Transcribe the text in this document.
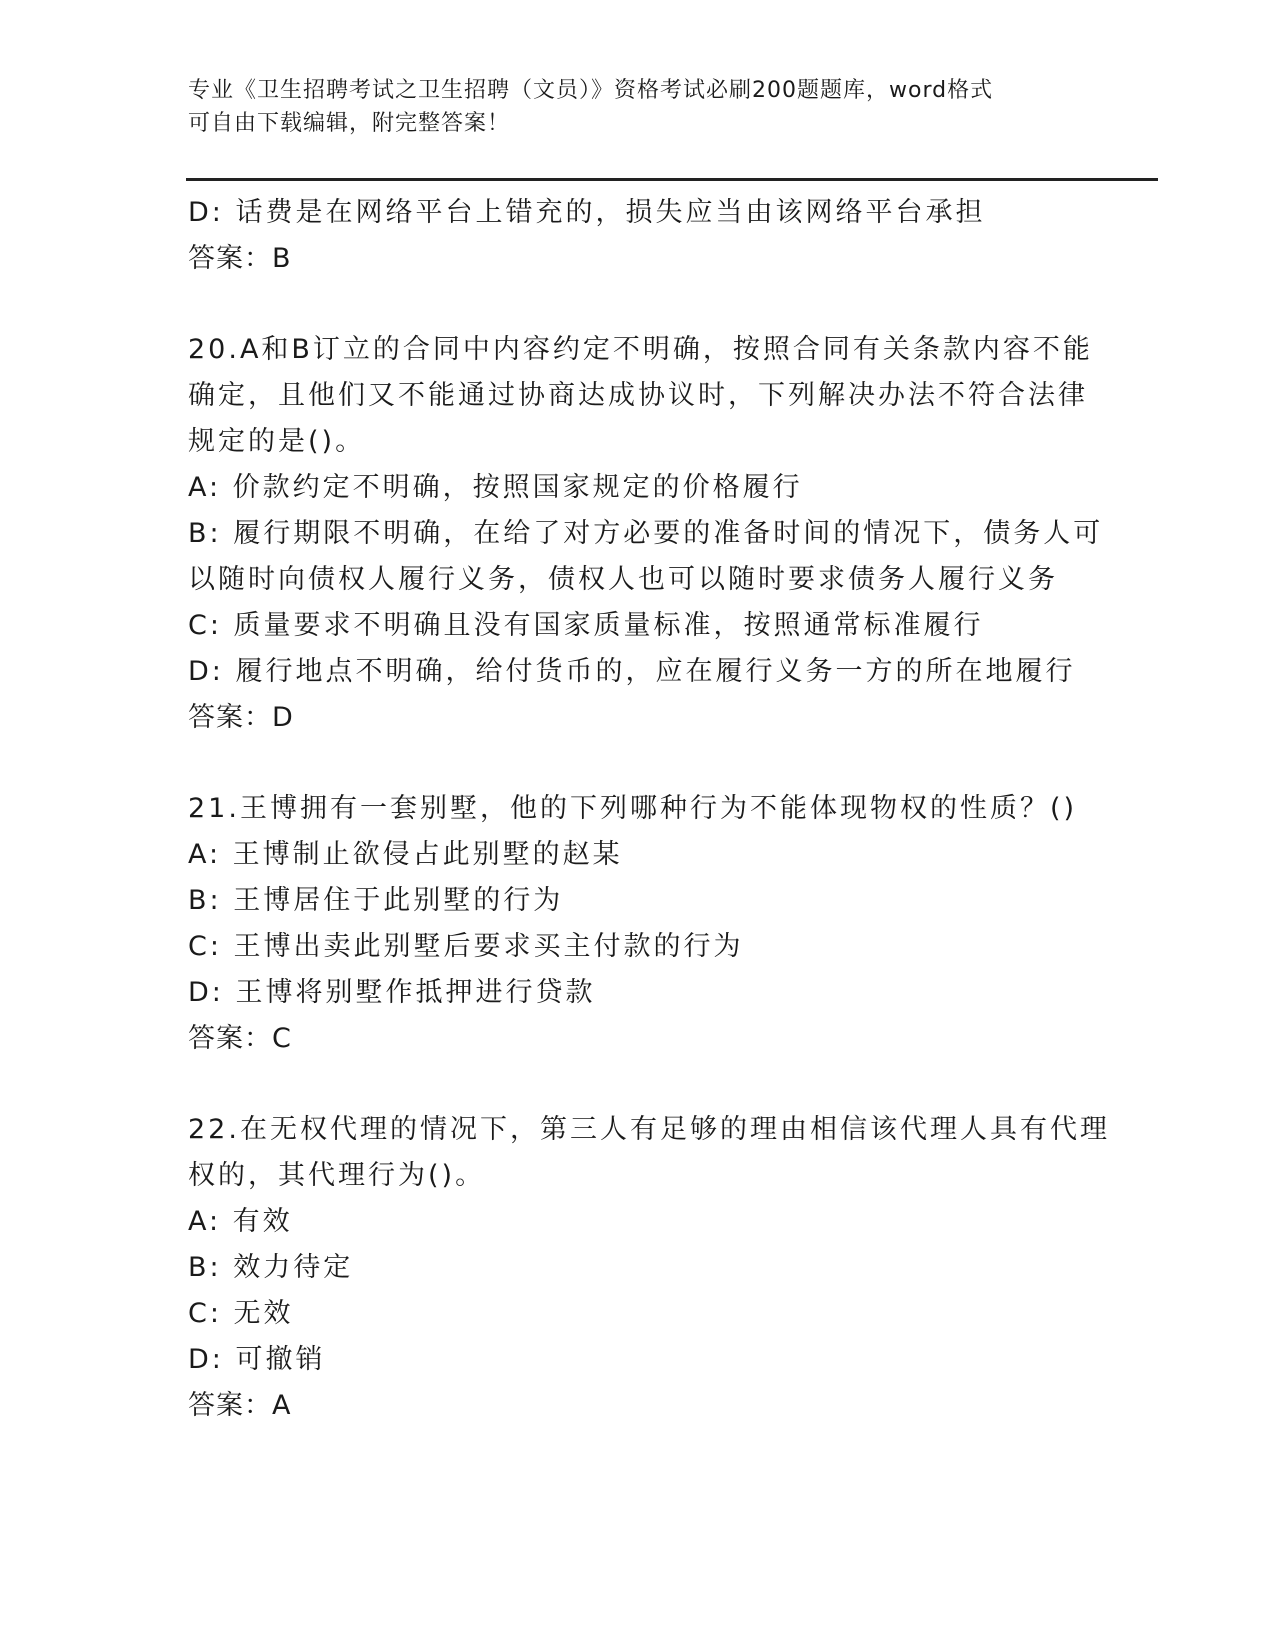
专业《卫生招聘考试之卫生招聘（文员）》资格考试必刷200题题库，word格式
可自由下载编辑，附完整答案！
D: 话费是在网络平台上错充的，损失应当由该网络平台承担
答案：B
20.A和B订立的合同中内容约定不明确，按照合同有关条款内容不能
确定，且他们又不能通过协商达成协议时，下列解决办法不符合法律
规定的是()。
A: 价款约定不明确，按照国家规定的价格履行
B: 履行期限不明确，在给了对方必要的准备时间的情况下，债务人可
以随时向债权人履行义务，债权人也可以随时要求债务人履行义务
C: 质量要求不明确且没有国家质量标准，按照通常标准履行
D: 履行地点不明确，给付货币的，应在履行义务一方的所在地履行
答案：D
21.王博拥有一套别墅，他的下列哪种行为不能体现物权的性质？()
A: 王博制止欲侵占此别墅的赵某
B: 王博居住于此别墅的行为
C: 王博出卖此别墅后要求买主付款的行为
D: 王博将别墅作抵押进行贷款
答案：C
22.在无权代理的情况下，第三人有足够的理由相信该代理人具有代理
权的，其代理行为()。
A: 有效
B: 效力待定
C: 无效
D: 可撤销
答案：A
